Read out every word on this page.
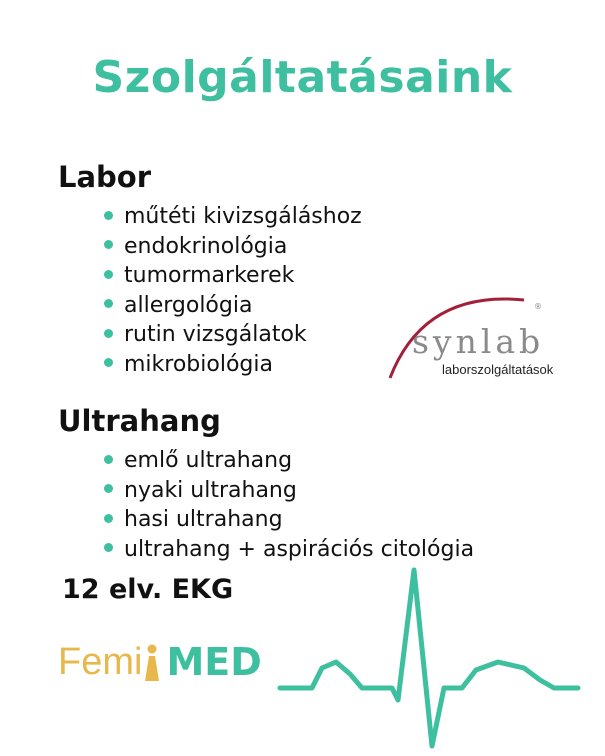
Szolgáltatásaink
Labor
műtéti kivizsgáláshoz
endokrinológia
tumormarkerek
allergológia
rutin vizsgálatok
mikrobiológia
synlab
®
laborszolgáltatások
Ultrahang
emlő ultrahang
nyaki ultrahang
hasi ultrahang
ultrahang + aspirációs citológia
12 elv. EKG
Femi MED
